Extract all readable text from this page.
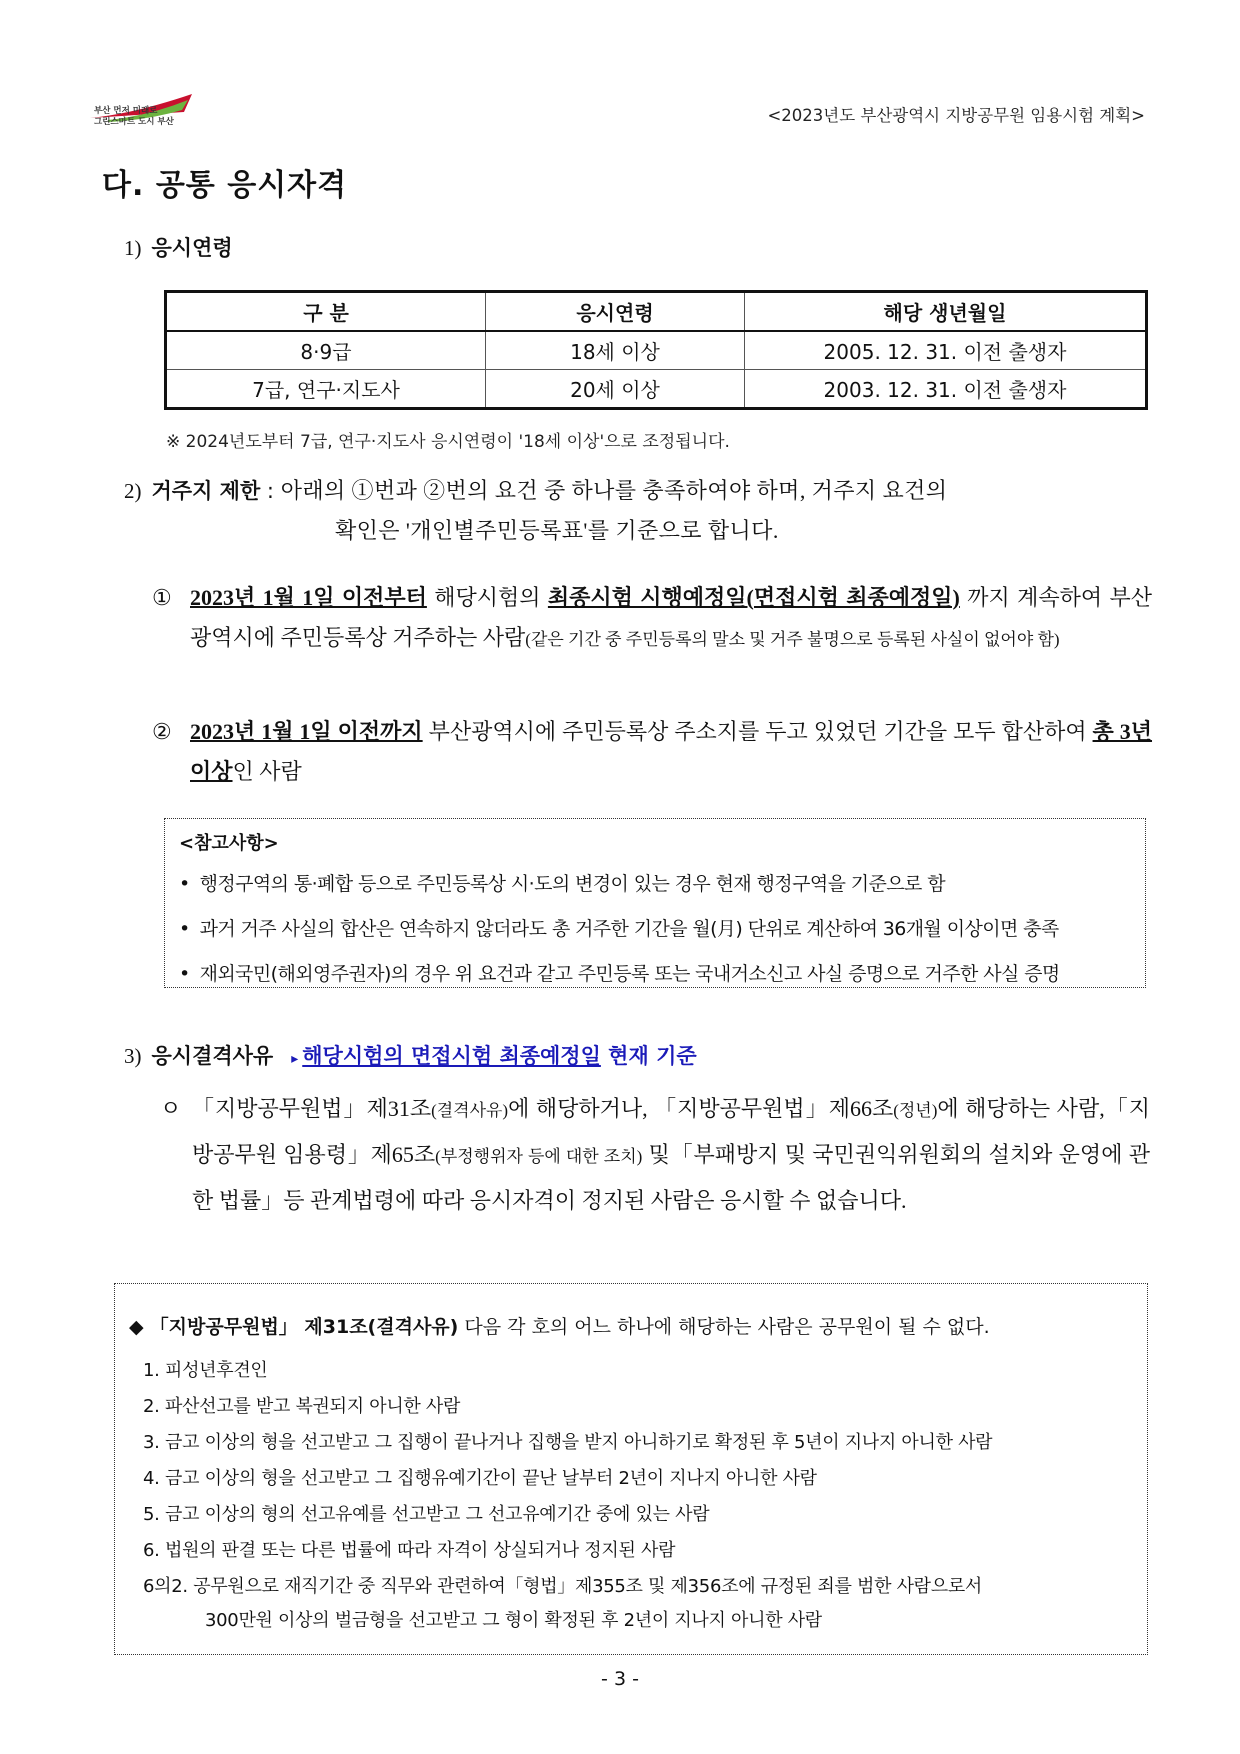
부산 먼저 미래로
그린스마트 도시 부산	<2023년도 부산광역시 지방공무원 임용시험 계획>
다. 공통 응시자격
1) 응시연령
구 분	응시연령	해당 생년월일
8·9급	18세 이상	2005. 12. 31. 이전 출생자
7급, 연구·지도사	20세 이상	2003. 12. 31. 이전 출생자
※ 2024년도부터 7급, 연구·지도사 응시연령이 '18세 이상'으로 조정됩니다.
2) 거주지 제한 : 아래의 ①번과 ②번의 요건 중 하나를 충족하여야 하며, 거주지 요건의
확인은 '개인별주민등록표'를 기준으로 합니다.
① 2023년 1월 1일 이전부터 해당시험의 최종시험 시행예정일(면접시험 최종예정일) 까지 계속하여 부산광역시에 주민등록상 거주하는 사람(같은 기간 중 주민등록의 말소 및 거주 불명으로 등록된 사실이 없어야 함)
② 2023년 1월 1일 이전까지 부산광역시에 주민등록상 주소지를 두고 있었던 기간을 모두 합산하여 총 3년 이상인 사람
<참고사항>
• 행정구역의 통·폐합 등으로 주민등록상 시·도의 변경이 있는 경우 현재 행정구역을 기준으로 함
• 과거 거주 사실의 합산은 연속하지 않더라도 총 거주한 기간을 월(月) 단위로 계산하여 36개월 이상이면 충족
• 재외국민(해외영주권자)의 경우 위 요건과 같고 주민등록 또는 국내거소신고 사실 증명으로 거주한 사실 증명
3) 응시결격사유 ▸ 해당시험의 면접시험 최종예정일 현재 기준
ㅇ 「지방공무원법」제31조(결격사유)에 해당하거나, 「지방공무원법」제66조(정년)에 해당하는 사람,「지방공무원 임용령」제65조(부정행위자 등에 대한 조치) 및「부패방지 및 국민권익위원회의 설치와 운영에 관한 법률」등 관계법령에 따라 응시자격이 정지된 사람은 응시할 수 없습니다.
◆ 「지방공무원법」 제31조(결격사유) 다음 각 호의 어느 하나에 해당하는 사람은 공무원이 될 수 없다.
1. 피성년후견인
2. 파산선고를 받고 복권되지 아니한 사람
3. 금고 이상의 형을 선고받고 그 집행이 끝나거나 집행을 받지 아니하기로 확정된 후 5년이 지나지 아니한 사람
4. 금고 이상의 형을 선고받고 그 집행유예기간이 끝난 날부터 2년이 지나지 아니한 사람
5. 금고 이상의 형의 선고유예를 선고받고 그 선고유예기간 중에 있는 사람
6. 법원의 판결 또는 다른 법률에 따라 자격이 상실되거나 정지된 사람
6의2. 공무원으로 재직기간 중 직무와 관련하여「형법」제355조 및 제356조에 규정된 죄를 범한 사람으로서
300만원 이상의 벌금형을 선고받고 그 형이 확정된 후 2년이 지나지 아니한 사람
- 3 -
